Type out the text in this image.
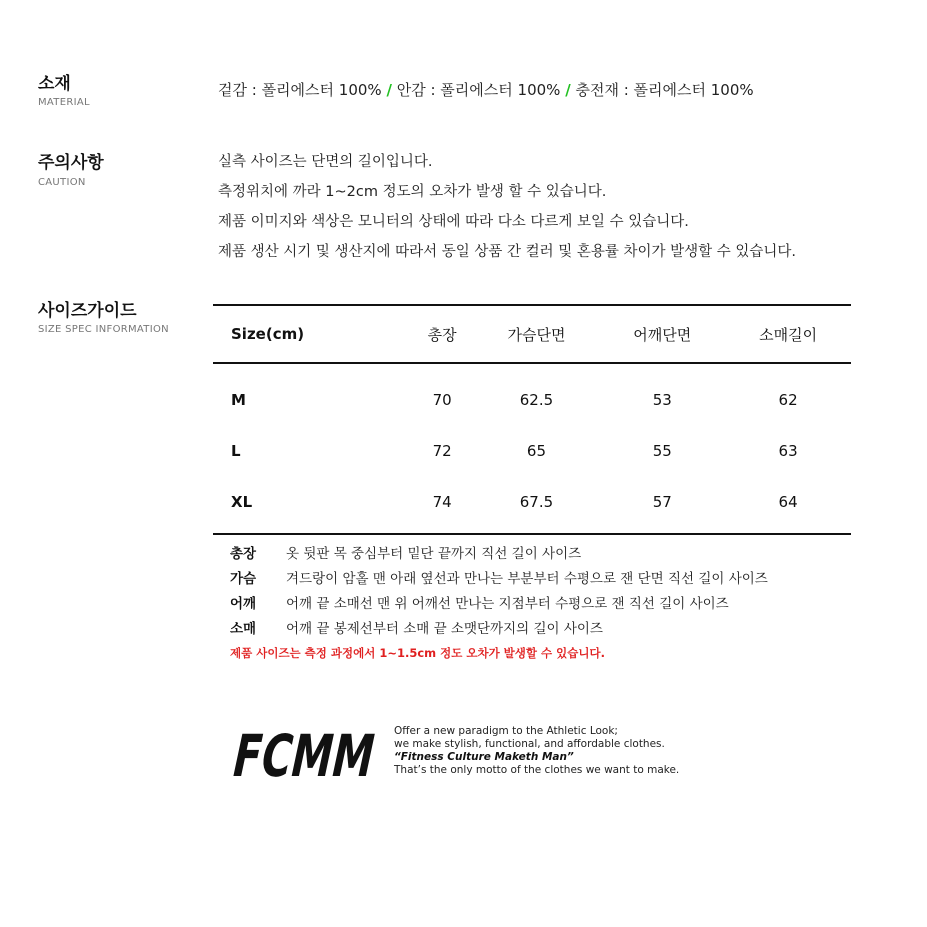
소재
MATERIAL
겉감 : 폴리에스터 100% / 안감 : 폴리에스터 100% / 충전재 : 폴리에스터 100%
주의사항
CAUTION
실측 사이즈는 단면의 길이입니다.
측정위치에 까라 1~2cm 정도의 오차가 발생 할 수 있습니다.
제품 이미지와 색상은 모니터의 상태에 따라 다소 다르게 보일 수 있습니다.
제품 생산 시기 및 생산지에 따라서 동일 상품 간 컬러 및 혼용률 차이가 발생할 수 있습니다.
사이즈가이드
SIZE SPEC INFORMATION	Size(cm)	총장	가슴단면	어깨단면	소매길이
M	70	62.5	53	62
L	72	65	55	63
XL	74	67.5	57	64
총장 옷 뒷판 목 중심부터 밑단 끝까지 직선 길이 사이즈
가슴 겨드랑이 암홀 맨 아래 옆선과 만나는 부분부터 수평으로 잰 단면 직선 길이 사이즈
어깨 어깨 끝 소매선 맨 위 어깨선 만나는 지점부터 수평으로 잰 직선 길이 사이즈
소매 어깨 끝 봉제선부터 소매 끝 소맷단까지의 길이 사이즈
제품 사이즈는 측정 과정에서 1~1.5cm 정도 오차가 발생할 수 있습니다.
FCMM
Offer a new paradigm to the Athletic Look;
we make stylish, functional, and affordable clothes.
“Fitness Culture Maketh Man”
That’s the only motto of the clothes we want to make.
